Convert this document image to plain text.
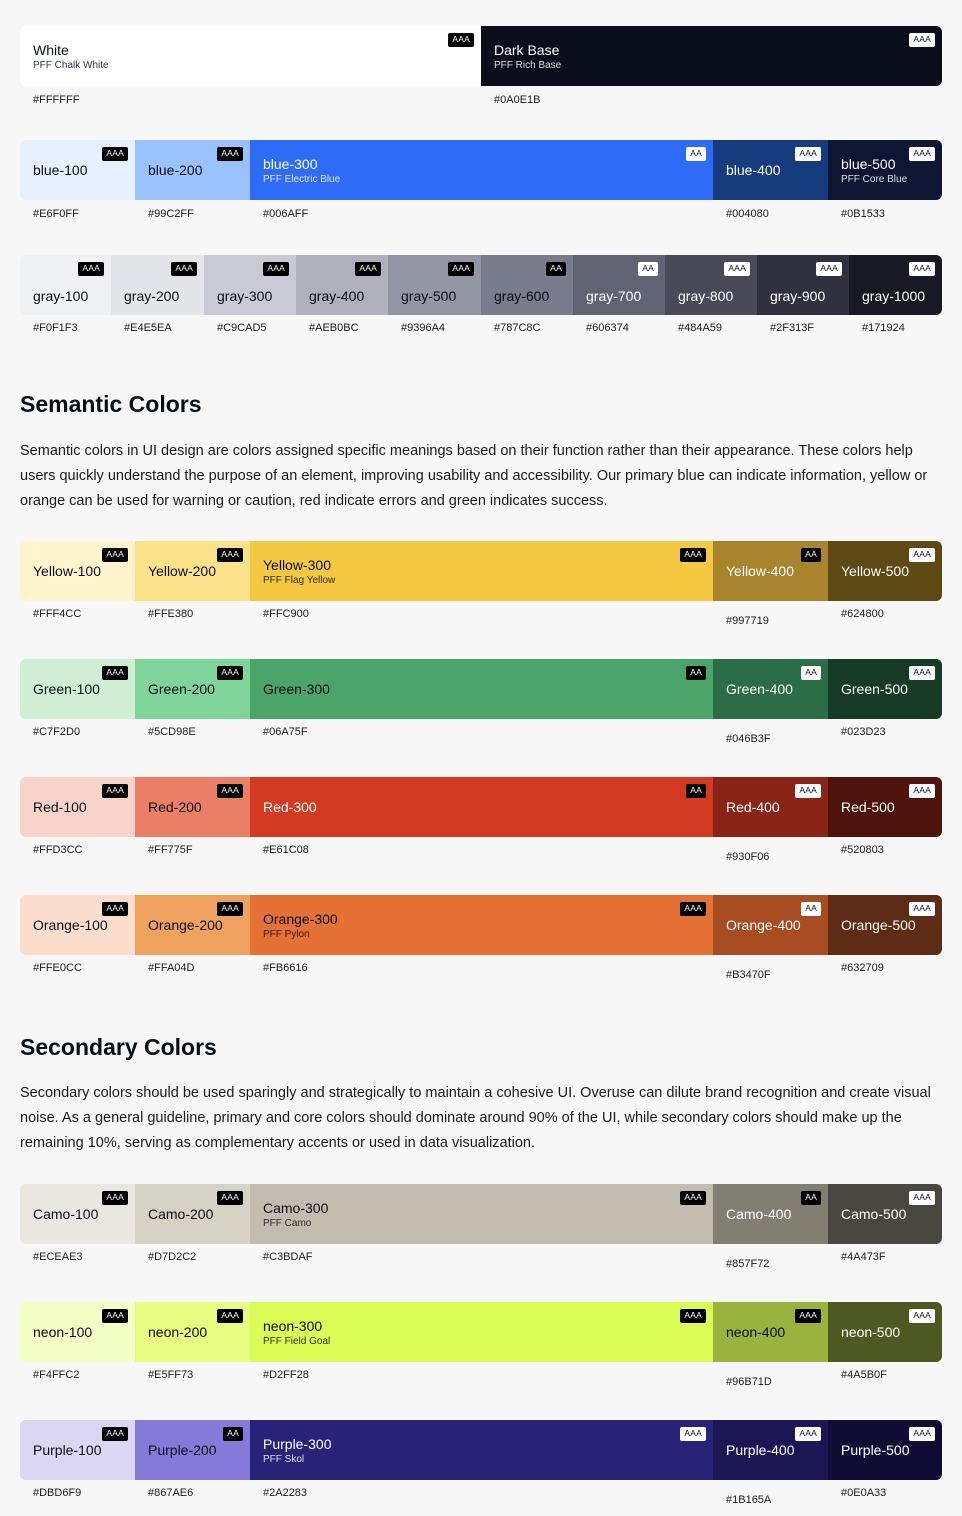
White
PFF Chalk White
AAA
Dark Base
PFF Rich Base
AAA
#FFFFFF	#0A0E1B
blue-100
AAA
blue-200
AAA
blue-300
PFF Electric Blue
AA
blue-400
AAA
blue-500
PFF Core Blue
AAA
#E6F0FF	#99C2FF	#006AFF	#004080	#0B1533
gray-100
AAA
gray-200
AAA
gray-300
AAA
gray-400
AAA
gray-500
AAA
gray-600
AA
gray-700
AA
gray-800
AAA
gray-900
AAA
gray-1000
AAA
#F0F1F3	#E4E5EA	#C9CAD5	#AEB0BC	#9396A4	#787C8C	#606374	#484A59	#2F313F	#171924
Semantic Colors

Semantic colors in UI design are colors assigned specific meanings based on their function rather than their appearance. These colors help users quickly understand the purpose of an element, improving usability and accessibility. Our primary blue can indicate information, yellow or orange can be used for warning or caution, red indicate errors and green indicates success.

Yellow-100
AAA
Yellow-200
AAA
Yellow-300
PFF Flag Yellow
AAA
Yellow-400
AA
Yellow-500
AAA
#FFF4CC	#FFE380	#FFC900
#997719
#624800
Green-100
AAA
Green-200
AAA
Green-300
AA
Green-400
AA
Green-500
AAA
#C7F2D0	#5CD98E	#06A75F
#046B3F
#023D23
Red-100
AAA
Red-200
AAA
Red-300
AA
Red-400
AAA
Red-500
AAA
#FFD3CC	#FF775F	#E61C08
#930F06
#520803
Orange-100
AAA
Orange-200
AAA
Orange-300
PFF Pylon
AAA
Orange-400
AA
Orange-500
AAA
#FFE0CC	#FFA04D	#FB6616
#B3470F
#632709
Secondary Colors

Secondary colors should be used sparingly and strategically to maintain a cohesive UI. Overuse can dilute brand recognition and create visual noise. As a general guideline, primary and core colors should dominate around 90% of the UI, while secondary colors should make up the remaining 10%, serving as complementary accents or used in data visualization.

Camo-100
AAA
Camo-200
AAA
Camo-300
PFF Camo
AAA
Camo-400
AA
Camo-500
AAA
#ECEAE3	#D7D2C2	#C3BDAF
#857F72
#4A473F
neon-100
AAA
neon-200
AAA
neon-300
PFF Field Goal
AAA
neon-400
AAA
neon-500
AAA
#F4FFC2	#E5FF73	#D2FF28
#96B71D
#4A5B0F
Purple-100
AAA
Purple-200
AA
Purple-300
PFF Skol
AAA
Purple-400
AAA
Purple-500
AAA
#DBD6F9	#867AE6	#2A2283
#1B165A
#0E0A33
